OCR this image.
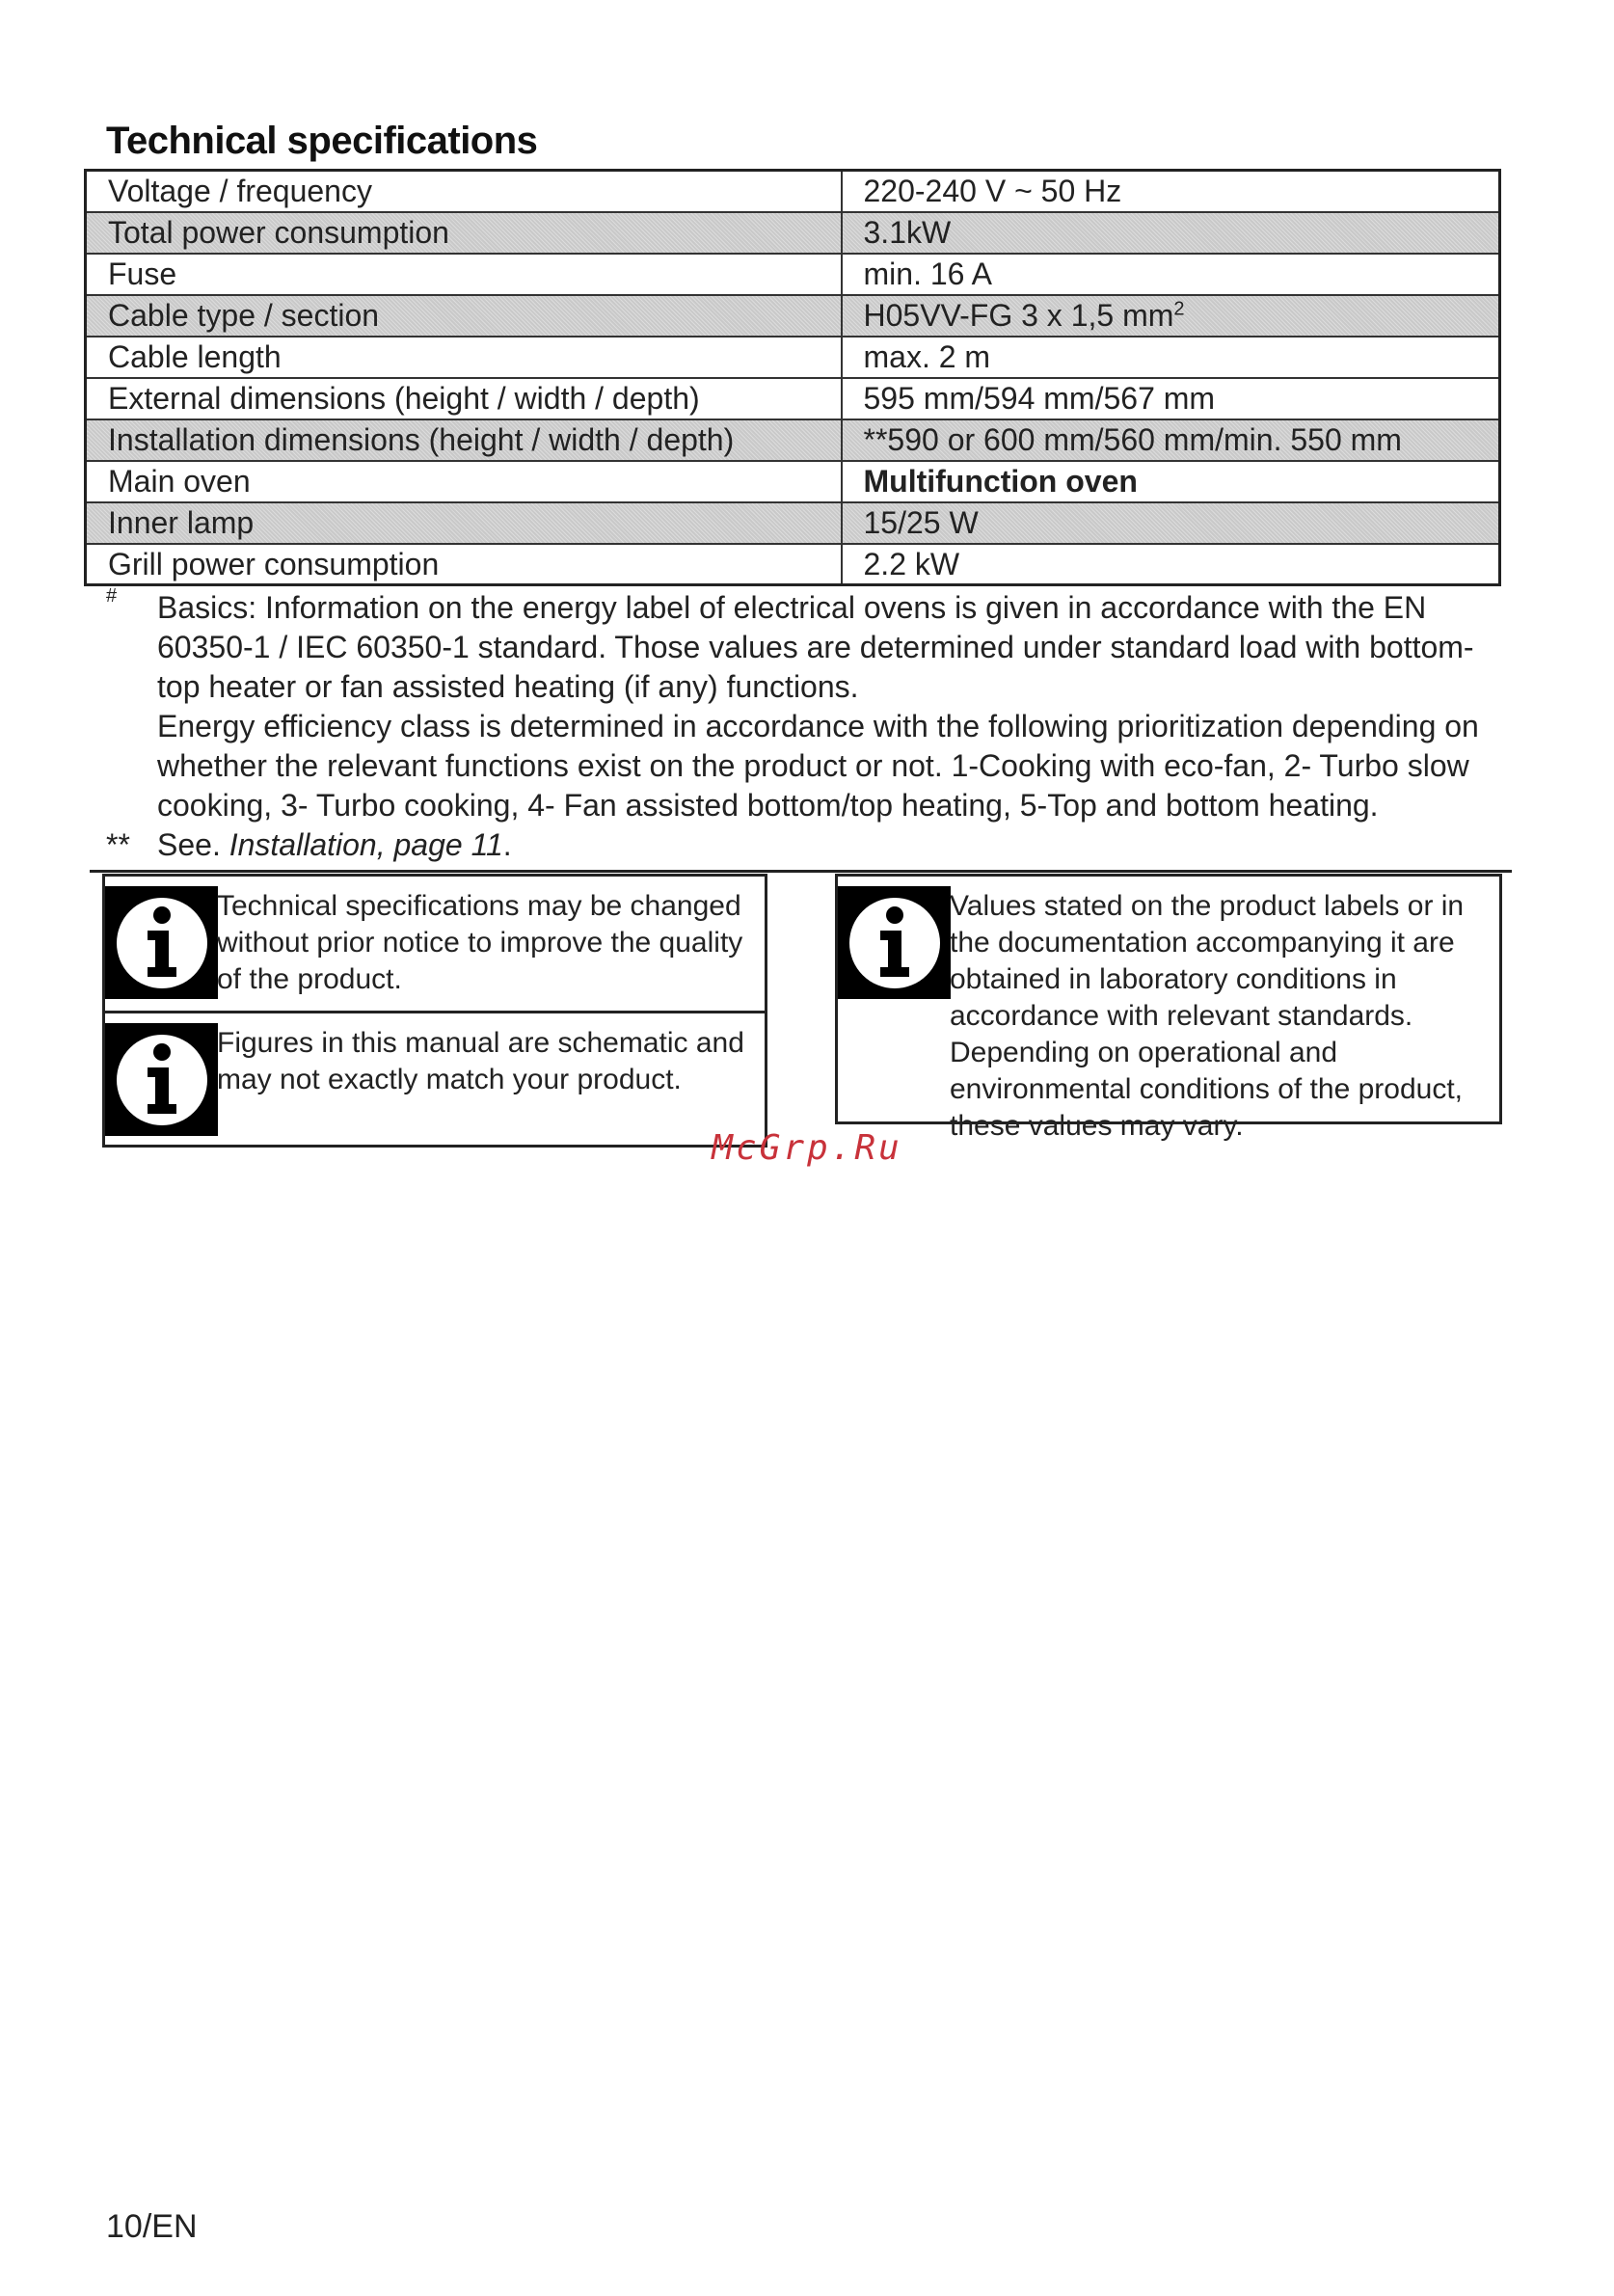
Technical specifications
Voltage / frequency	220-240 V ~ 50 Hz
Total power consumption	3.1kW
Fuse	min. 16 A
Cable type / section	H05VV-FG 3 x 1,5 $mm^2$
Cable length	max. 2 m
External dimensions (height / width / depth)	595 mm/594 mm/567 mm
Installation dimensions (height / width / depth)	**590 or 600 mm/560 mm/min. 550 mm
Main oven	Multifunction oven
Inner lamp	15/25 W
Grill power consumption	2.2 kW
# Basics: Information on the energy label of electrical ovens is given in accordance with the EN 60350-1 / IEC 60350-1 standard. Those values are determined under standard load with bottom-top heater or fan assisted heating (if any) functions.

Energy efficiency class is determined in accordance with the following prioritization depending on whether the relevant functions exist on the product or not. 1-Cooking with eco-fan, 2- Turbo slow cooking, 3- Turbo cooking, 4- Fan assisted bottom/top heating, 5-Top and bottom heating.

** See. Installation, page 11.

Technical specifications may be changed without prior notice to improve the quality of the product.
Figures in this manual are schematic and may not exactly match your product.
Values stated on the product labels or in the documentation accompanying it are obtained in laboratory conditions in accordance with relevant standards. Depending on operational and environmental conditions of the product, these values may vary.
McGrp.Ru
10/EN
